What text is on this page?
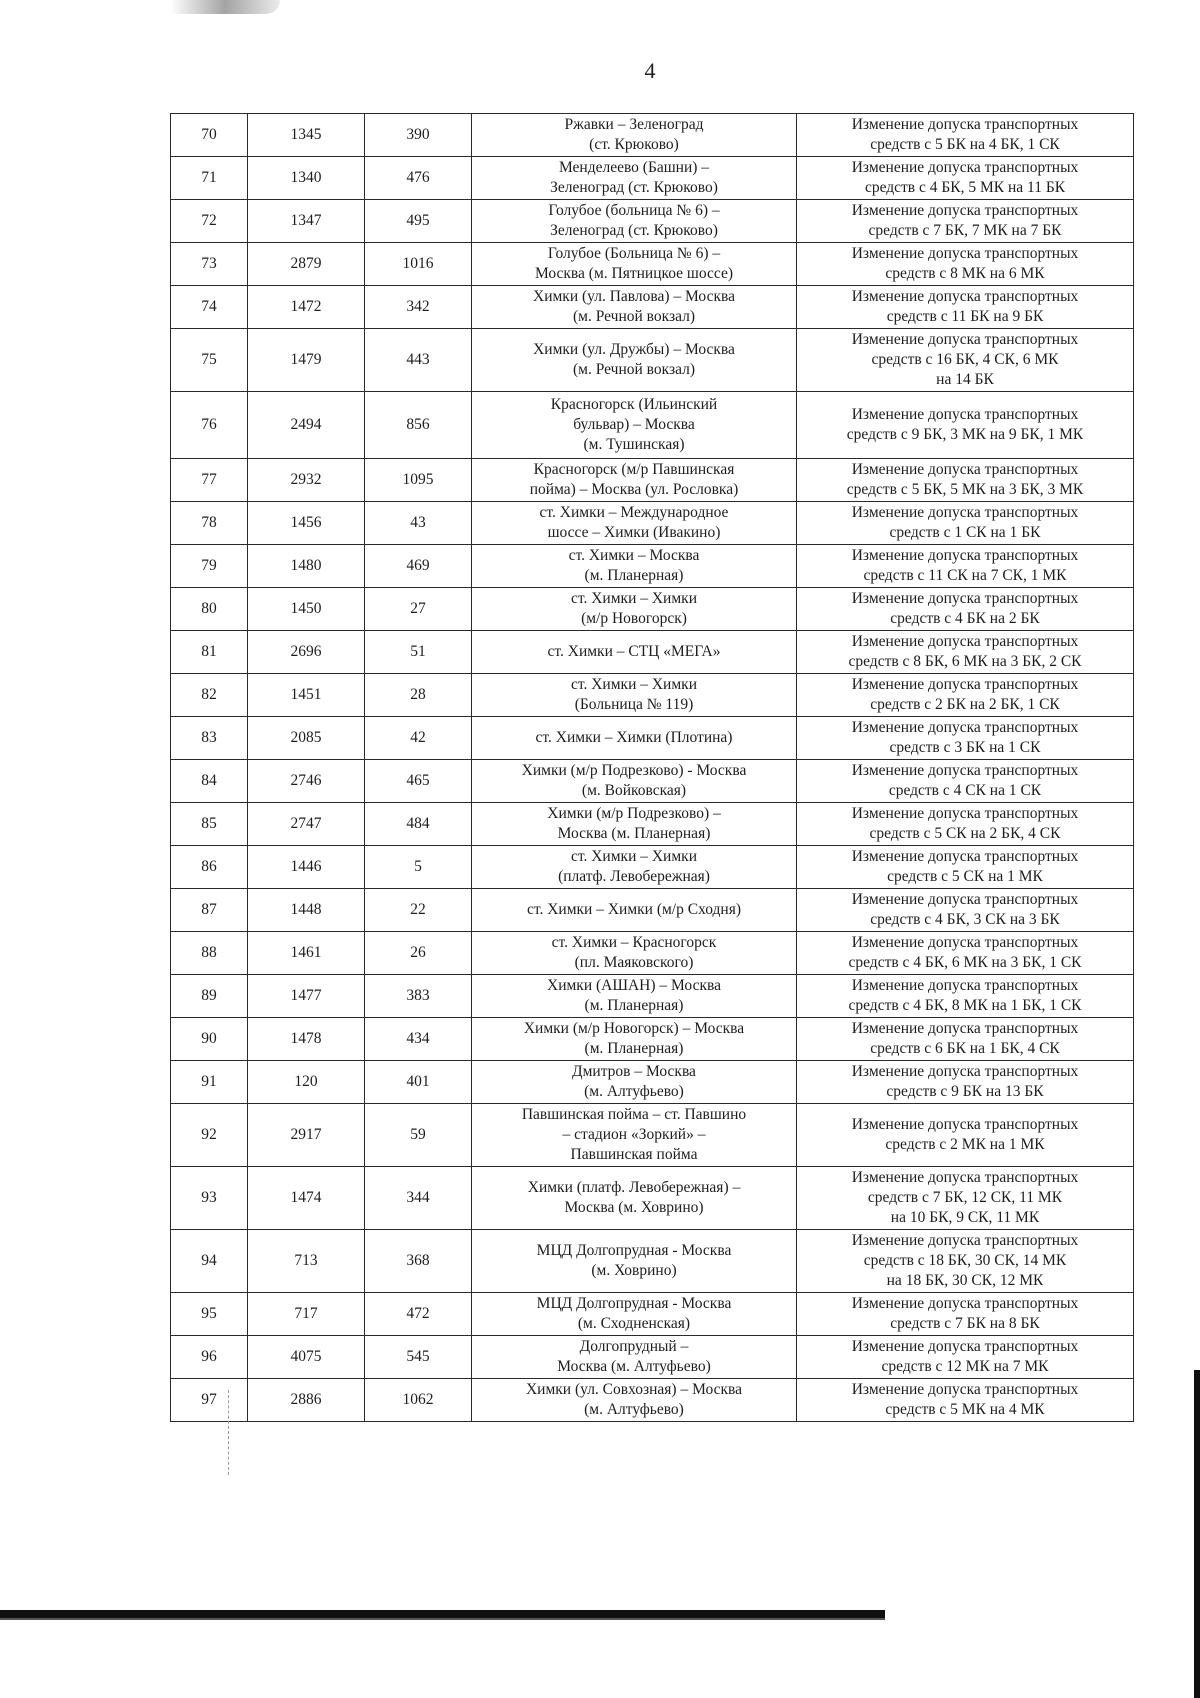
4
70	1345	390	Ржавки – Зеленоград
(ст. Крюково)	Изменение допуска транспортных
средств с 5 БК на 4 БК, 1 СК
71	1340	476	Менделеево (Башни) –
Зеленоград (ст. Крюково)	Изменение допуска транспортных
средств с 4 БК, 5 МК на 11 БК
72	1347	495	Голубое (больница № 6) –
Зеленоград (ст. Крюково)	Изменение допуска транспортных
средств с 7 БК, 7 МК на 7 БК
73	2879	1016	Голубое (Больница № 6) –
Москва (м. Пятницкое шоссе)	Изменение допуска транспортных
средств с 8 МК на 6 МК
74	1472	342	Химки (ул. Павлова) – Москва
(м. Речной вокзал)	Изменение допуска транспортных
средств с 11 БК на 9 БК
75	1479	443	Химки (ул. Дружбы) – Москва
(м. Речной вокзал)	Изменение допуска транспортных
средств с 16 БК, 4 СК, 6 МК
на 14 БК
76	2494	856	Красногорск (Ильинский
бульвар) – Москва
(м. Тушинская)	Изменение допуска транспортных
средств с 9 БК, 3 МК на 9 БК, 1 МК
77	2932	1095	Красногорск (м/р Павшинская
пойма) – Москва (ул. Рословка)	Изменение допуска транспортных
средств с 5 БК, 5 МК на 3 БК, 3 МК
78	1456	43	ст. Химки – Международное
шоссе – Химки (Ивакино)	Изменение допуска транспортных
средств с 1 СК на 1 БК
79	1480	469	ст. Химки – Москва
(м. Планерная)	Изменение допуска транспортных
средств с 11 СК на 7 СК, 1 МК
80	1450	27	ст. Химки – Химки
(м/р Новогорск)	Изменение допуска транспортных
средств с 4 БК на 2 БК
81	2696	51	ст. Химки – СТЦ «МЕГА»	Изменение допуска транспортных
средств с 8 БК, 6 МК на 3 БК, 2 СК
82	1451	28	ст. Химки – Химки
(Больница № 119)	Изменение допуска транспортных
средств с 2 БК на 2 БК, 1 СК
83	2085	42	ст. Химки – Химки (Плотина)	Изменение допуска транспортных
средств с 3 БК на 1 СК
84	2746	465	Химки (м/р Подрезково) - Москва
(м. Войковская)	Изменение допуска транспортных
средств с 4 СК на 1 СК
85	2747	484	Химки (м/р Подрезково) –
Москва (м. Планерная)	Изменение допуска транспортных
средств с 5 СК на 2 БК, 4 СК
86	1446	5	ст. Химки – Химки
(платф. Левобережная)	Изменение допуска транспортных
средств с 5 СК на 1 МК
87	1448	22	ст. Химки – Химки (м/р Сходня)	Изменение допуска транспортных
средств с 4 БК, 3 СК на 3 БК
88	1461	26	ст. Химки – Красногорск
(пл. Маяковского)	Изменение допуска транспортных
средств с 4 БК, 6 МК на 3 БК, 1 СК
89	1477	383	Химки (АШАН) – Москва
(м. Планерная)	Изменение допуска транспортных
средств с 4 БК, 8 МК на 1 БК, 1 СК
90	1478	434	Химки (м/р Новогорск) – Москва
(м. Планерная)	Изменение допуска транспортных
средств с 6 БК на 1 БК, 4 СК
91	120	401	Дмитров – Москва
(м. Алтуфьево)	Изменение допуска транспортных
средств с 9 БК на 13 БК
92	2917	59	Павшинская пойма – ст. Павшино
– стадион «Зоркий» –
Павшинская пойма	Изменение допуска транспортных
средств с 2 МК на 1 МК
93	1474	344	Химки (платф. Левобережная) –
Москва (м. Ховрино)	Изменение допуска транспортных
средств с 7 БК, 12 СК, 11 МК
на 10 БК, 9 СК, 11 МК
94	713	368	МЦД Долгопрудная - Москва
(м. Ховрино)	Изменение допуска транспортных
средств с 18 БК, 30 СК, 14 МК
на 18 БК, 30 СК, 12 МК
95	717	472	МЦД Долгопрудная - Москва
(м. Сходненская)	Изменение допуска транспортных
средств с 7 БК на 8 БК
96	4075	545	Долгопрудный –
Москва (м. Алтуфьево)	Изменение допуска транспортных
средств с 12 МК на 7 МК
97	2886	1062	Химки (ул. Совхозная) – Москва
(м. Алтуфьево)	Изменение допуска транспортных
средств с 5 МК на 4 МК
